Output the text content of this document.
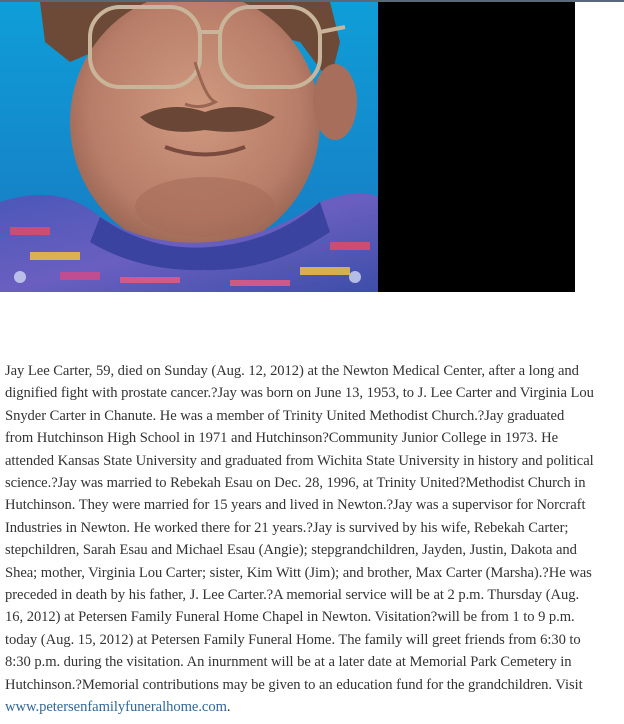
Jay Lee Carter, 59, died on Sunday (Aug. 12, 2012) at the Newton Medical Center, after a long and dignified fight with prostate cancer.?Jay was born on June 13, 1953, to J. Lee Carter and Virginia Lou Snyder Carter in Chanute. He was a member of Trinity United Methodist Church.?Jay graduated from Hutchinson High School in 1971 and Hutchinson?Community Junior College in 1973. He attended Kansas State University and graduated from Wichita State University in history and political science.?Jay was married to Rebekah Esau on Dec. 28, 1996, at Trinity United?Methodist Church in Hutchinson. They were married for 15 years and lived in Newton.?Jay was a supervisor for Norcraft Industries in Newton. He worked there for 21 years.?Jay is survived by his wife, Rebekah Carter; stepchildren, Sarah Esau and Michael Esau (Angie); stepgrandchildren, Jayden, Justin, Dakota and Shea; mother, Virginia Lou Carter; sister, Kim Witt (Jim); and brother, Max Carter (Marsha).?He was preceded in death by his father, J. Lee Carter.?A memorial service will be at 2 p.m. Thursday (Aug. 16, 2012) at Petersen Family Funeral Home Chapel in Newton. Visitation?will be from 1 to 9 p.m. today (Aug. 15, 2012) at Petersen Family Funeral Home. The family will greet friends from 6:30 to 8:30 p.m. during the visitation. An inurnment will be at a later date at Memorial Park Cemetery in Hutchinson.?Memorial contributions may be given to an education fund for the grandchildren. Visit www.petersenfamilyfuneralhome.com.
